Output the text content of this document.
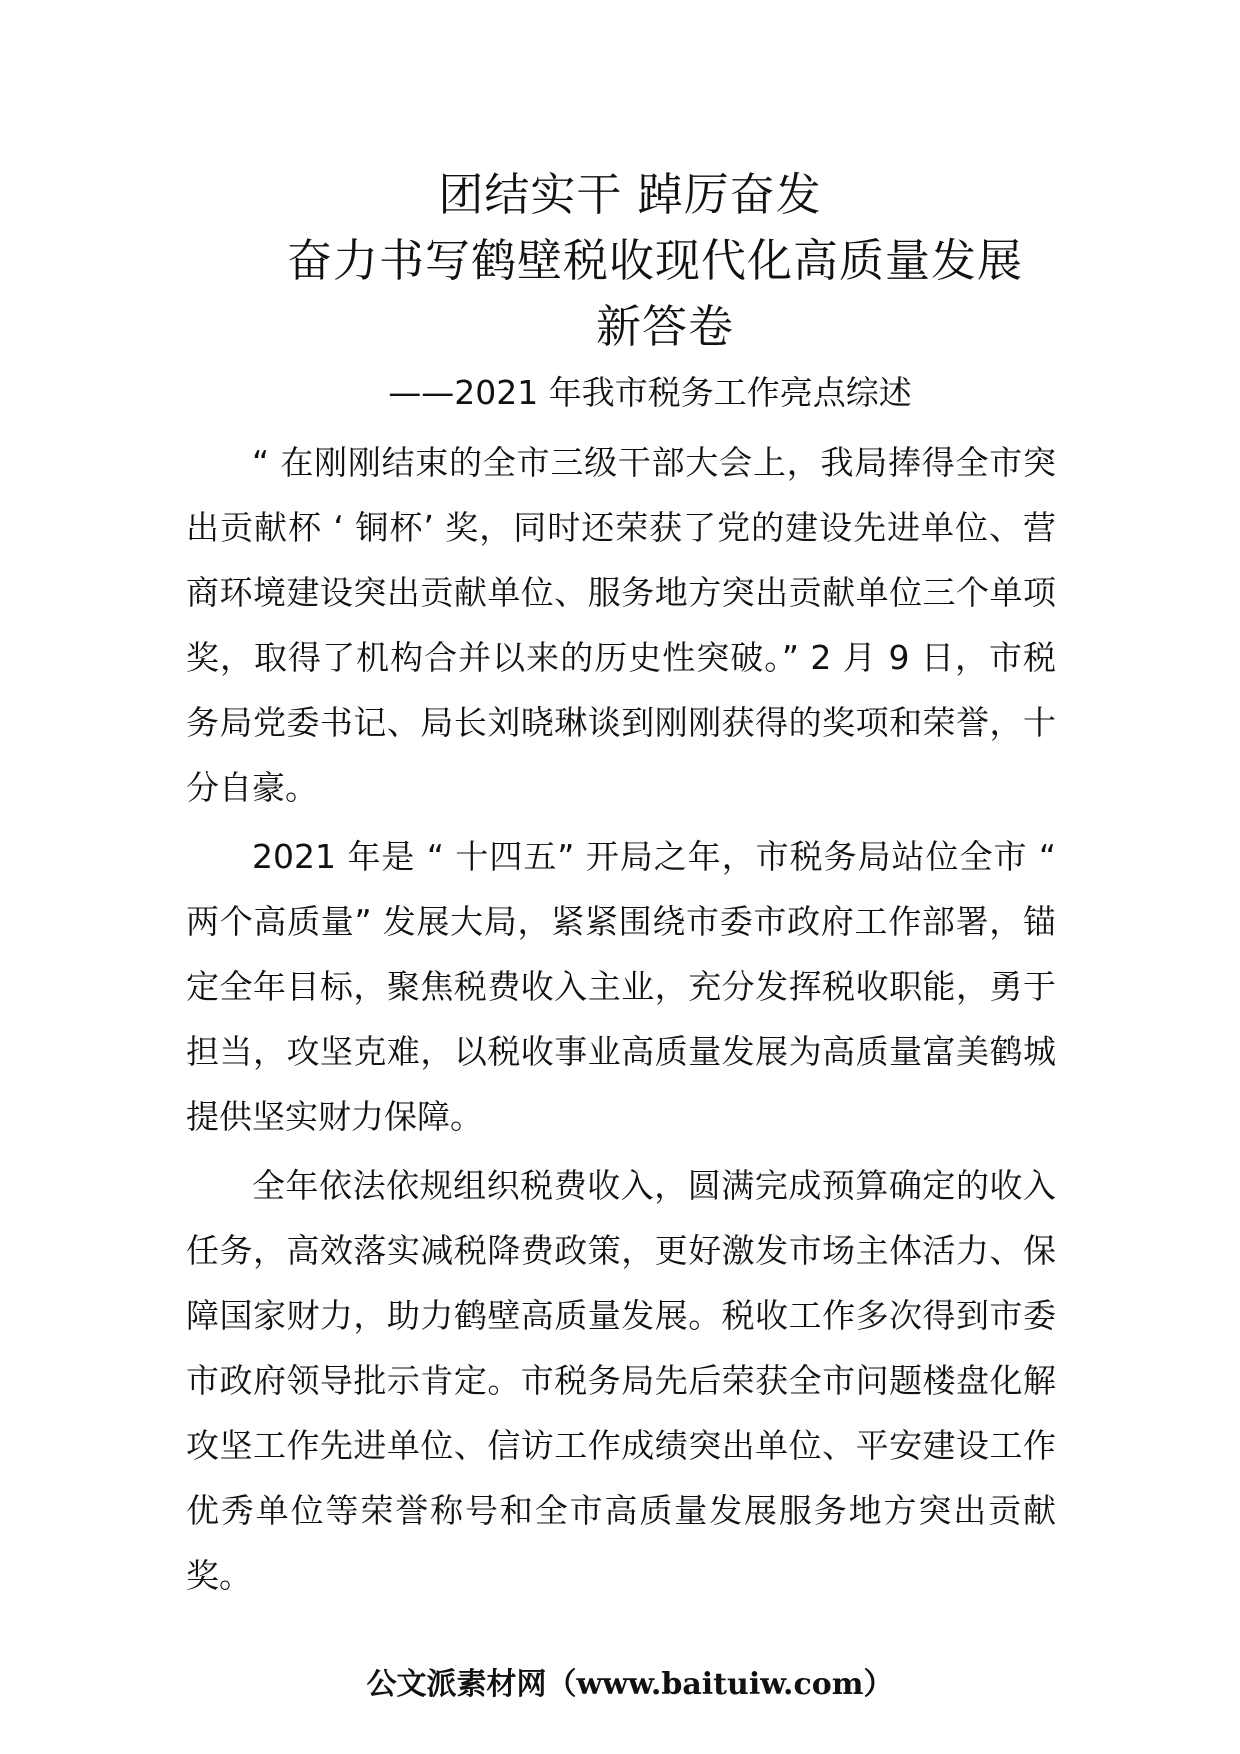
团结实干 踔厉奋发
奋力书写鹤壁税收现代化高质量发展
新答卷
——2021 年我市税务工作亮点综述

“ 在刚刚结束的全市三级干部大会上，我局捧得全市突出贡献杯 ‘ 铜杯’ 奖，同时还荣获了党的建设先进单位、营商环境建设突出贡献单位、服务地方突出贡献单位三个单项奖，取得了机构合并以来的历史性突破。” 2 月 9 日，市税务局党委书记、局长刘晓琳谈到刚刚获得的奖项和荣誉，十分自豪。

2021 年是 “ 十四五” 开局之年，市税务局站位全市 “ 两个高质量” 发展大局，紧紧围绕市委市政府工作部署，锚定全年目标，聚焦税费收入主业，充分发挥税收职能，勇于担当，攻坚克难，以税收事业高质量发展为高质量富美鹤城提供坚实财力保障。

全年依法依规组织税费收入，圆满完成预算确定的收入任务，高效落实减税降费政策，更好激发市场主体活力、保障国家财力，助力鹤壁高质量发展。税收工作多次得到市委市政府领导批示肯定。市税务局先后荣获全市问题楼盘化解攻坚工作先进单位、信访工作成绩突出单位、平安建设工作优秀单位等荣誉称号和全市高质量发展服务地方突出贡献奖。

公文派素材网（www.baituiw.com）
